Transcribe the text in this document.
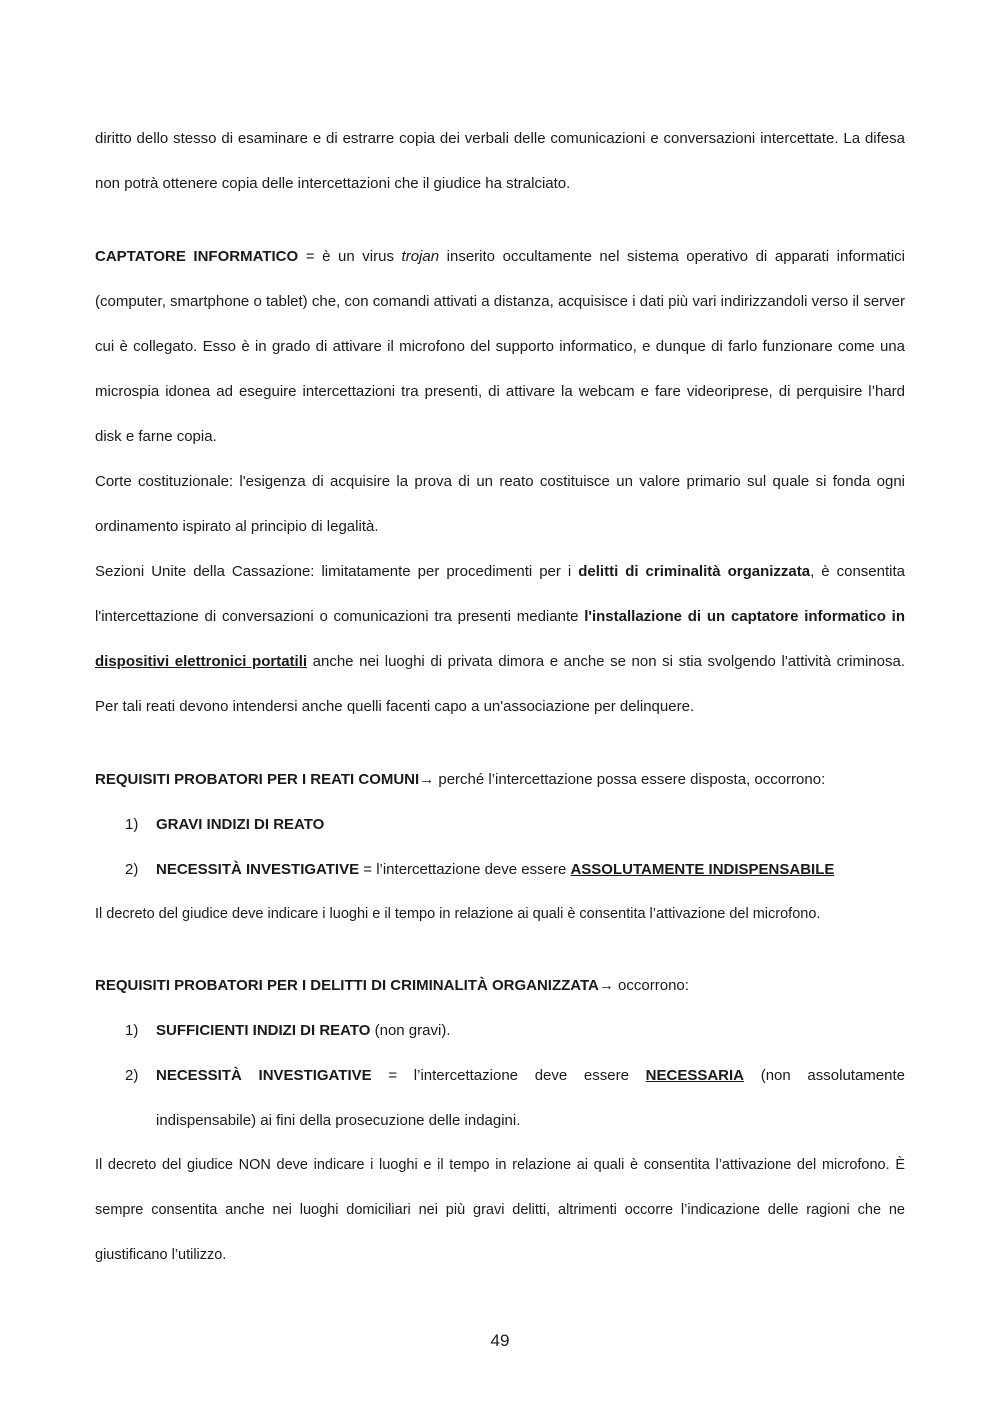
diritto dello stesso di esaminare e di estrarre copia dei verbali delle comunicazioni e conversazioni intercettate. La difesa non potrà ottenere copia delle intercettazioni che il giudice ha stralciato.

CAPTATORE INFORMATICO = è un virus trojan inserito occultamente nel sistema operativo di apparati informatici (computer, smartphone o tablet) che, con comandi attivati a distanza, acquisisce i dati più vari indirizzandoli verso il server cui è collegato. Esso è in grado di attivare il microfono del supporto informatico, e dunque di farlo funzionare come una microspia idonea ad eseguire intercettazioni tra presenti, di attivare la webcam e fare videoriprese, di perquisire l’hard disk e farne copia.

Corte costituzionale: l'esigenza di acquisire la prova di un reato costituisce un valore primario sul quale si fonda ogni ordinamento ispirato al principio di legalità.

Sezioni Unite della Cassazione: limitatamente per procedimenti per i delitti di criminalità organizzata, è consentita l'intercettazione di conversazioni o comunicazioni tra presenti mediante l'installazione di un captatore informatico in dispositivi elettronici portatili anche nei luoghi di privata dimora e anche se non si stia svolgendo l'attività criminosa. Per tali reati devono intendersi anche quelli facenti capo a un'associazione per delinquere.

REQUISITI PROBATORI PER I REATI COMUNI→ perché l’intercettazione possa essere disposta, occorrono:

1) GRAVI INDIZI DI REATO
2) NECESSITÀ INVESTIGATIVE = l’intercettazione deve essere ASSOLUTAMENTE INDISPENSABILE

Il decreto del giudice deve indicare i luoghi e il tempo in relazione ai quali è consentita l’attivazione del microfono.

REQUISITI PROBATORI PER I DELITTI DI CRIMINALITÀ ORGANIZZATA→ occorrono:

1) SUFFICIENTI INDIZI DI REATO (non gravi).
2) NECESSITÀ INVESTIGATIVE = l’intercettazione deve essere NECESSARIA (non assolutamente indispensabile) ai fini della prosecuzione delle indagini.

Il decreto del giudice NON deve indicare i luoghi e il tempo in relazione ai quali è consentita l’attivazione del microfono. È sempre consentita anche nei luoghi domiciliari nei più gravi delitti, altrimenti occorre l’indicazione delle ragioni che ne giustificano l’utilizzo.

49
